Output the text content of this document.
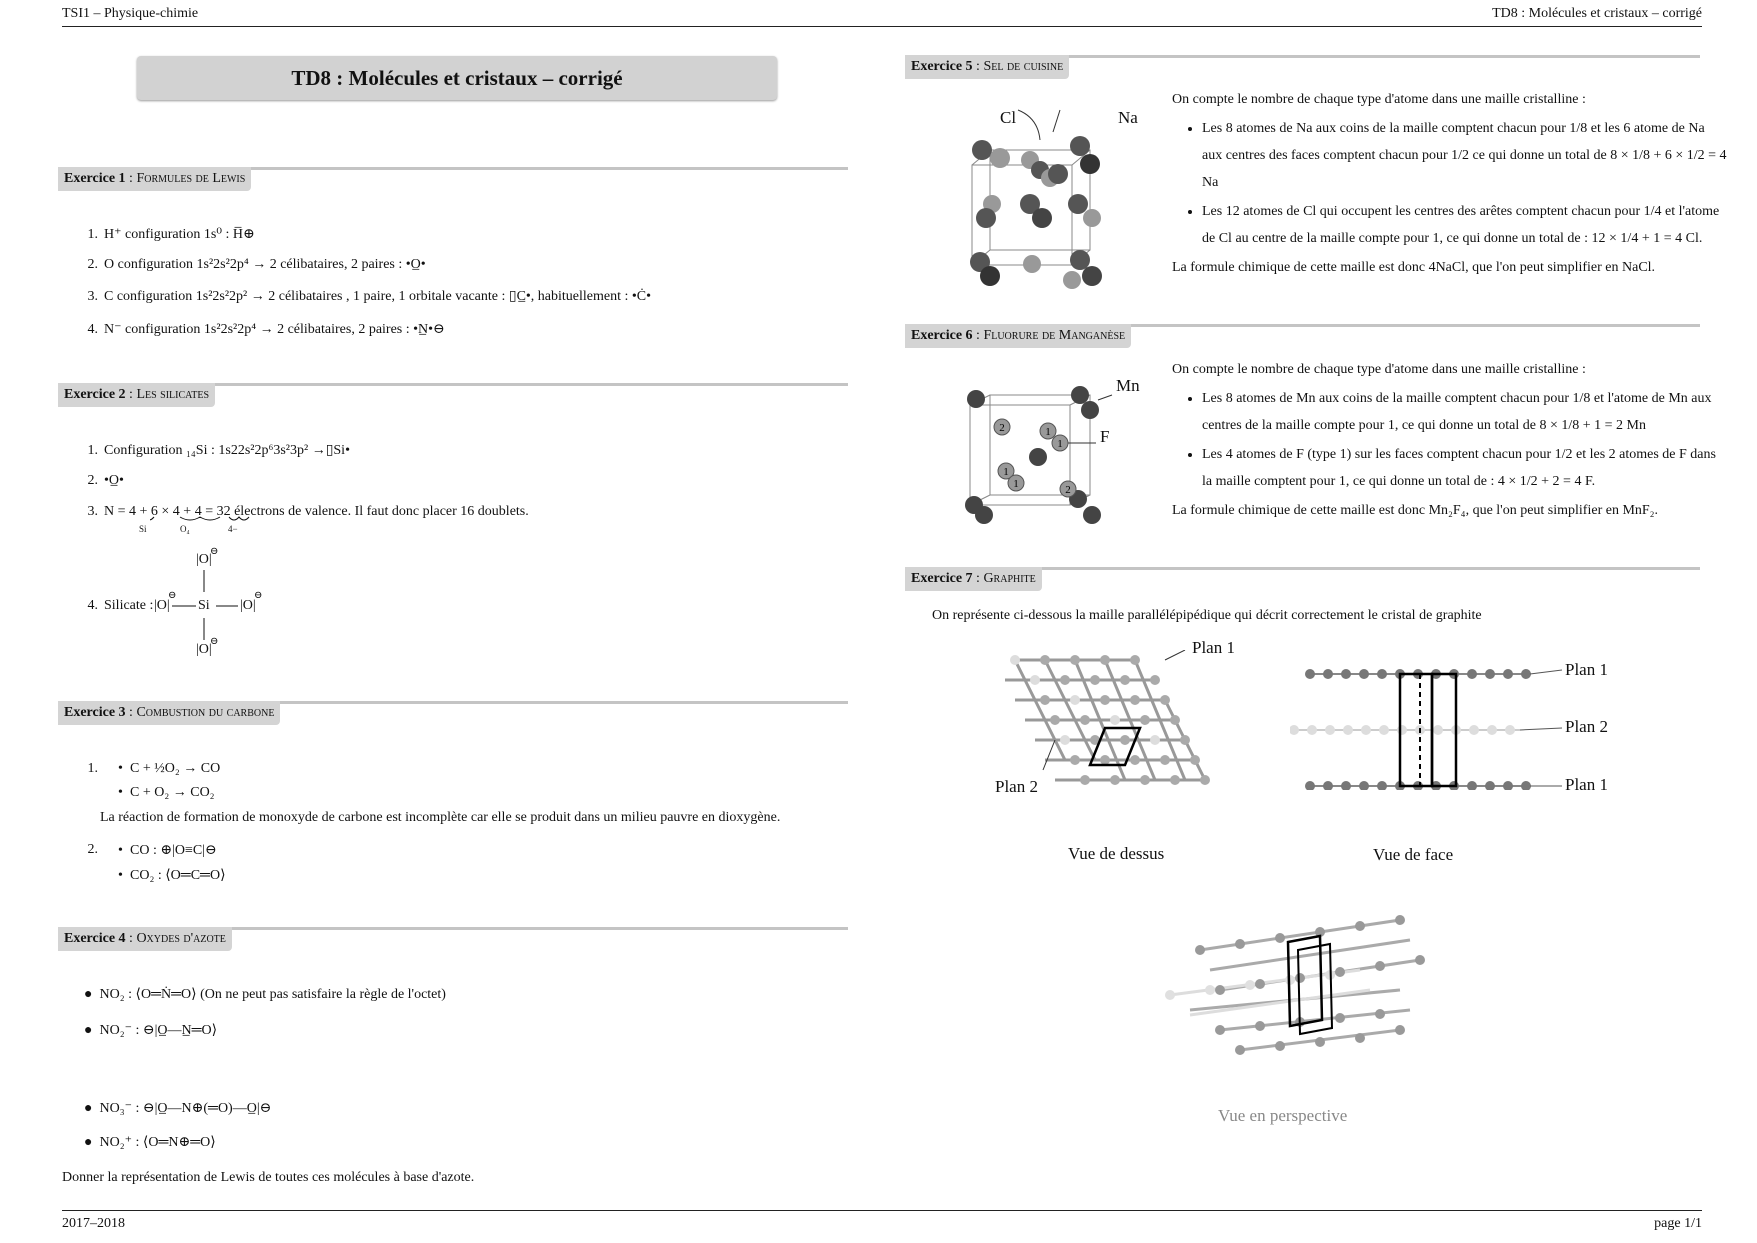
TSI1 – Physique-chimie	TD8 : Molécules et cristaux – corrigé
2017–2018	page 1/1
TD8 : Molécules et cristaux – corrigé
Exercice 1 : Formules de Lewis
1. H⁺ configuration 1s⁰ : H̅⊕
2. O configuration 1s²2s²2p⁴ → 2 célibataires, 2 paires : •O̲•
3. C configuration 1s²2s²2p² → 2 célibataires , 1 paire, 1 orbitale vacante : ▯C̲•, habituellement : •Ċ•
4. N⁻ configuration 1s²2s²2p⁴ → 2 célibataires, 2 paires : •N̲•⊖
Exercice 2 : Les silicates
1. Configuration ₁₄Si : 1s22s²2p⁶3s²3p² →▯Si•
2. •O̲•
3. N = 4 + 6 × 4 + 4 = 32 électrons de valence. Il faut donc placer 16 doublets.
Si	O₄	4−
4. Silicate :
|O|
⊖
|O|
⊖
Si |O|
⊖
|O|
⊖
Exercice 3 : Combustion du carbone
1.	• C + ½O₂ → CO
• C + O₂ → CO₂
La réaction de formation de monoxyde de carbone est incomplète car elle se produit dans un milieu pauvre en dioxygène.
2.	• CO : ⊕|O≡C|⊖
• CO₂ : ⟨O═C═O⟩
Exercice 4 : Oxydes d'azote
● NO₂ : ⟨O═Ṅ═O⟩ (On ne peut pas satisfaire la règle de l'octet)
● NO₂⁻ : ⊖|O̲—N̲═O⟩
● NO₃⁻ : ⊖|O̲—N⊕(═O)—O̲|⊖
● NO₂⁺ : ⟨O═N⊕═O⟩
Donner la représentation de Lewis de toutes ces molécules à base d'azote.
Exercice 5 : Sel de cuisine
Cl	Na
On compte le nombre de chaque type d'atome dans une maille cristalline :
• Les 8 atomes de Na aux coins de la maille comptent chacun pour 1/8 et les 6 atome de Na aux centres des faces comptent chacun pour 1/2 ce qui donne un total de 8 × 1/8 + 6 × 1/2 = 4 Na
• Les 12 atomes de Cl qui occupent les centres des arêtes comptent chacun pour 1/4 et l'atome de Cl au centre de la maille compte pour 1, ce qui donne un total de : 12 × 1/4 + 1 = 4 Cl.
La formule chimique de cette maille est donc 4NaCl, que l'on peut simplifier en NaCl.
Exercice 6 : Fluorure de Manganèse
2	1
1
1
1	2
Mn
F
On compte le nombre de chaque type d'atome dans une maille cristalline :
• Les 8 atomes de Mn aux coins de la maille comptent chacun pour 1/8 et l'atome de Mn aux centres de la maille compte pour 1, ce qui donne un total de 8 × 1/8 + 1 = 2 Mn
• Les 4 atomes de F (type 1) sur les faces comptent chacun pour 1/2 et les 2 atomes de F dans la maille comptent pour 1, ce qui donne un total de : 4 × 1/2 + 2 = 4 F.
La formule chimique de cette maille est donc Mn₂F₄, que l'on peut simplifier en MnF₂.
Exercice 7 : Graphite
On représente ci-dessous la maille parallélépipédique qui décrit correctement le cristal de graphite
Plan 1
Plan 2
Vue de dessus
Plan 1
Plan 2
Plan 1
Vue de face
Vue en perspective
